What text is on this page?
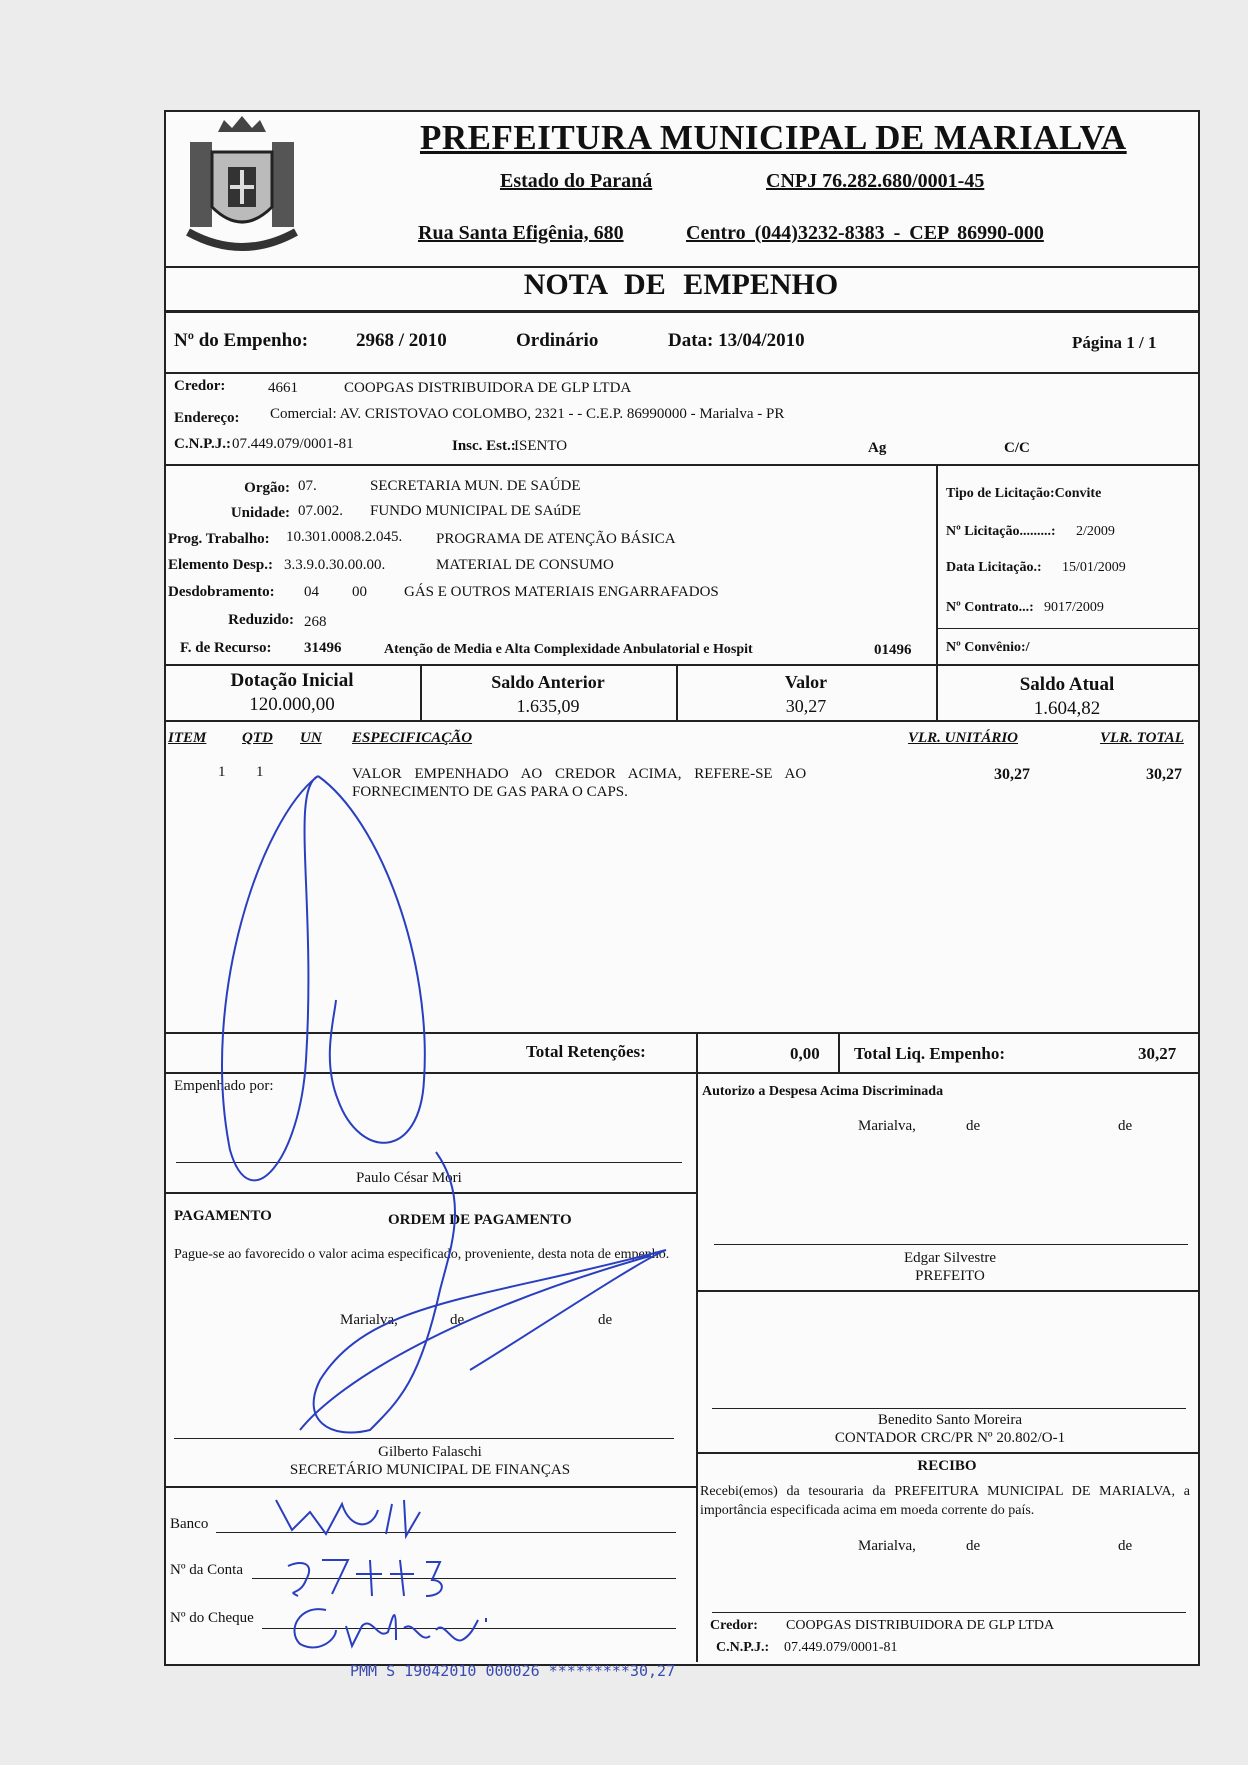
PREFEITURA MUNICIPAL DE MARIALVA
Estado do Paraná	CNPJ 76.282.680/0001-45
Rua Santa Efigênia, 680	Centro (044)3232-8383 - CEP 86990-000
NOTA DE EMPENHO
Nº do Empenho:	2968 / 2010	Ordinário	Data: 13/04/2010	Página 1 / 1
Credor:	4661	COOPGAS DISTRIBUIDORA DE GLP LTDA
Endereço: Comercial: AV. CRISTOVAO COLOMBO, 2321 - - C.E.P. 86990000 - Marialva - PR
C.N.P.J.: 07.449.079/0001-81	Insc. Est.:
ISENTO	Ag	C/C
Orgão: 07.	SECRETARIA MUN. DE SAÚDE
Unidade: 07.002. FUNDO MUNICIPAL DE SAúDE
Prog. Trabalho: 10.301.0008.2.045. PROGRAMA DE ATENÇÃO BÁSICA
Elemento Desp.: 3.3.9.0.30.00.00.	MATERIAL DE CONSUMO
Desdobramento: 04 00 GÁS E OUTROS MATERIAIS ENGARRAFADOS
Reduzido: 268
F. de Recurso: 31496	Atenção de Media e Alta Complexidade Anbulatorial e Hospit	01496
Tipo de Licitação:Convite
Nº Licitação.........: 2/2009
Data Licitação.: 15/01/2009
Nº Contrato...: 9017/2009
Nº Convênio:/
Dotação Inicial
120.000,00
Saldo Anterior
1.635,09
Valor
30,27
Saldo Atual
1.604,82
ITEM QTD UN ESPECIFICAÇÃO	VLR. UNITÁRIO	VLR. TOTAL
1 1	VALOR EMPENHADO AO CREDOR ACIMA, REFERE-SE AO
FORNECIMENTO DE GAS PARA O CAPS.
30,27	30,27
Total Retenções:	0,00 Total Liq. Empenho:	30,27
Empenhado por:
Paulo César Mori
Autorizo a Despesa Acima Discriminada
Marialva,	de	de
Edgar Silvestre
PREFEITO
PAGAMENTO	ORDEM DE PAGAMENTO
Pague-se ao favorecido o valor acima especificado, proveniente, desta nota de empenho.
Marialva,	de	de
Gilberto Falaschi
SECRETÁRIO MUNICIPAL DE FINANÇAS
Banco
Nº da Conta
Nº do Cheque
Benedito Santo Moreira
CONTADOR CRC/PR Nº 20.802/O-1
RECIBO
Recebi(emos) da tesouraria da PREFEITURA MUNICIPAL DE MARIALVA, a importância especificada acima em moeda corrente do país.
Marialva,	de	de
Credor: COOPGAS DISTRIBUIDORA DE GLP LTDA
C.N.P.J.: 07.449.079/0001-81
PMM S 19042010 000026 *********30,27
